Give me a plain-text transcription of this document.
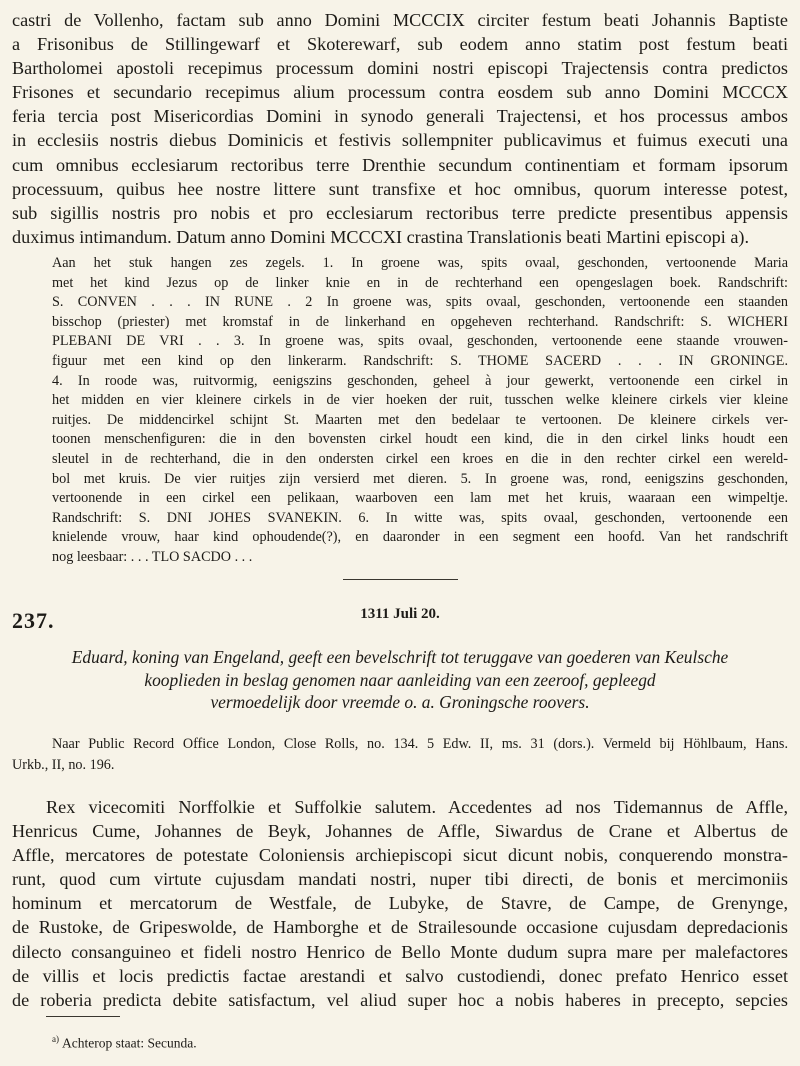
castri de Vollenho, factam sub anno Domini MCCCIX circiter festum beati Johannis Baptiste
a Frisonibus de Stillingewarf et Skoterewarf, sub eodem anno statim post festum beati
Bartholomei apostoli recepimus processum domini nostri episcopi Trajectensis contra predictos
Frisones et secundario recepimus alium processum contra eosdem sub anno Domini MCCCX
feria tercia post Misericordias Domini in synodo generali Trajectensi, et hos processus ambos
in ecclesiis nostris diebus Dominicis et festivis sollempniter publicavimus et fuimus executi una
cum omnibus ecclesiarum rectoribus terre Drenthie secundum continentiam et formam ipsorum
processuum, quibus hee nostre littere sunt transfixe et hoc omnibus, quorum interesse potest,
sub sigillis nostris pro nobis et pro ecclesiarum rectoribus terre predicte presentibus appensis
duximus intimandum. Datum anno Domini MCCCXI crastina Translationis beati Martini episcopi a).
Aan het stuk hangen zes zegels. 1. In groene was, spits ovaal, geschonden, vertoonende Maria
met het kind Jezus op de linker knie en in de rechterhand een opengeslagen boek. Randschrift:
S. CONVEN . . . IN RUNE . 2 In groene was, spits ovaal, geschonden, vertoonende een staanden
bisschop (priester) met kromstaf in de linkerhand en opgeheven rechterhand. Randschrift: S. WICHERI
PLEBANI DE VRI . . 3. In groene was, spits ovaal, geschonden, vertoonende eene staande vrouwen-
figuur met een kind op den linkerarm. Randschrift: S. THOME SACERD . . . IN GRONINGE.
4. In roode was, ruitvormig, eenigszins geschonden, geheel à jour gewerkt, vertoonende een cirkel in
het midden en vier kleinere cirkels in de vier hoeken der ruit, tusschen welke kleinere cirkels vier kleine
ruitjes. De middencirkel schijnt St. Maarten met den bedelaar te vertoonen. De kleinere cirkels ver-
toonen menschenfiguren: die in den bovensten cirkel houdt een kind, die in den cirkel links houdt een
sleutel in de rechterhand, die in den ondersten cirkel een kroes en die in den rechter cirkel een wereld-
bol met kruis. De vier ruitjes zijn versierd met dieren. 5. In groene was, rond, eenigszins geschonden,
vertoonende in een cirkel een pelikaan, waarboven een lam met het kruis, waaraan een wimpeltje.
Randschrift: S. DNI JOHES SVANEKIN. 6. In witte was, spits ovaal, geschonden, vertoonende een
knielende vrouw, haar kind ophoudende(?), en daaronder in een segment een hoofd. Van het randschrift
nog leesbaar: . . . TLO SACDO . . .
237.	1311 Juli 20.
Eduard, koning van Engeland, geeft een bevelschrift tot teruggave van goederen van Keulsche
kooplieden in beslag genomen naar aanleiding van een zeeroof, gepleegd
vermoedelijk door vreemde o. a. Groningsche roovers.
Naar Public Record Office London, Close Rolls, no. 134. 5 Edw. II, ms. 31 (dors.). Vermeld bij Höhlbaum, Hans.
Urkb., II, no. 196.
Rex vicecomiti Norffolkie et Suffolkie salutem. Accedentes ad nos Tidemannus de Affle,
Henricus Cume, Johannes de Beyk, Johannes de Affle, Siwardus de Crane et Albertus de
Affle, mercatores de potestate Coloniensis archiepiscopi sicut dicunt nobis, conquerendo monstra-
runt, quod cum virtute cujusdam mandati nostri, nuper tibi directi, de bonis et mercimoniis
hominum et mercatorum de Westfale, de Lubyke, de Stavre, de Campe, de Grenynge,
de Rustoke, de Gripeswolde, de Hamborghe et de Strailesounde occasione cujusdam depredacionis
dilecto consanguineo et fideli nostro Henrico de Bello Monte dudum supra mare per malefactores
de villis et locis predictis factae arestandi et salvo custodiendi, donec prefato Henrico esset
de roberia predicta debite satisfactum, vel aliud super hoc a nobis haberes in precepto, sepcies
$^{a)}$ Achterop staat: Secunda.
